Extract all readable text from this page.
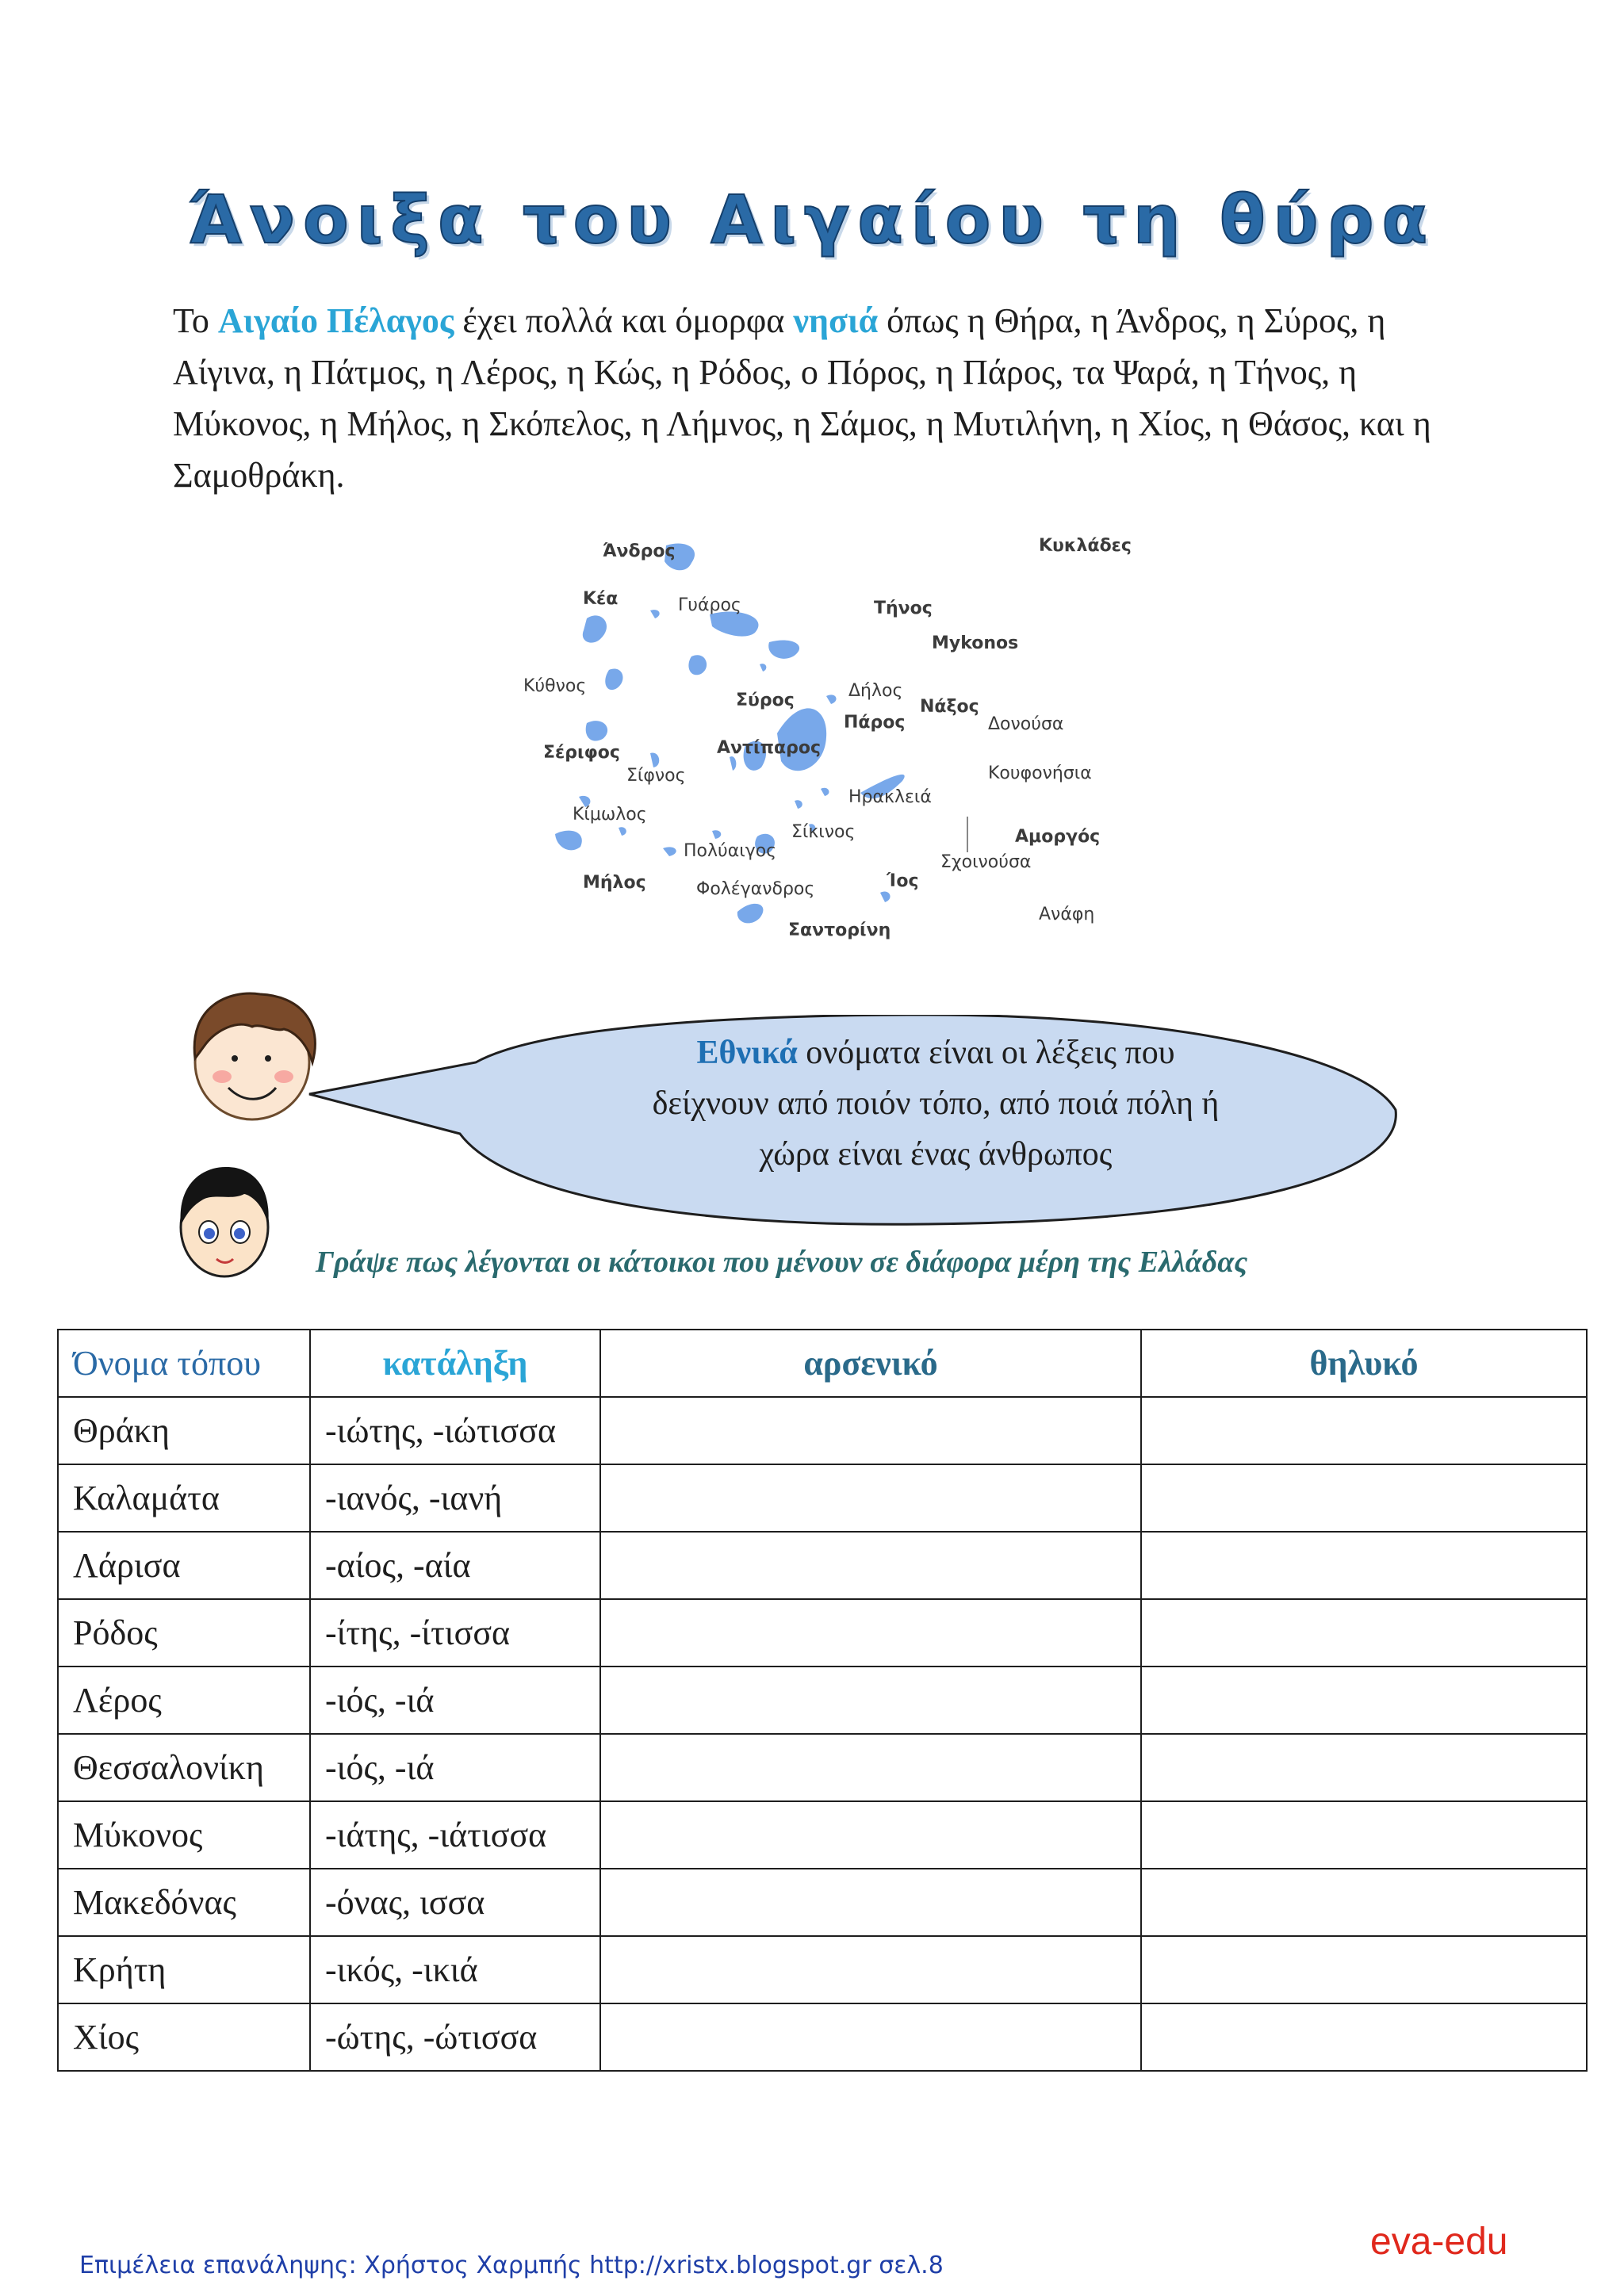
Άνοιξα του Αιγαίου τη θύρα
Το Αιγαίο Πέλαγος έχει πολλά και όμορφα νησιά όπως η Θήρα, η Άνδρος, η Σύρος, η Αίγινα, η Πάτμος, η Λέρος, η Κώς, η Ρόδος, ο Πόρος, η Πάρος, τα Ψαρά, η Τήνος, η Μύκονος, η Μήλος, η Σκόπελος, η Λήμνος, η Σάμος, η Μυτιλήνη, η Χίος, η Θάσος, και η Σαμοθράκη.
Άνδρος	Κυκλάδες
Κέα	Γυάρος	Τήνος
Μykonos
Κύθνος	Δήλος
Σύρος	Νάξος
Πάρος	Δονούσα
Σέριφος	Αντίπαρος
Σίφνος	Κουφονήσια
Ηρακλειά
Κίμωλος
Σίκινος	Αμοργός
Πολύαιγος
Σχοινούσα
Μήλος	Ίος
Φολέγανδρος
Ανάφη
Σαντορίνη
Εθνικά ονόματα είναι οι λέξεις που
δείχνουν από ποιόν τόπο, από ποιά πόλη ή
χώρα είναι ένας άνθρωπος
Γράψε πως λέγονται οι κάτοικοι που μένουν σε διάφορα μέρη της Ελλάδας
Όνομα τόπου	κατάληξη	αρσενικό	θηλυκό
Θράκη	-ιώτης, -ιώτισσα		
Καλαμάτα	-ιανός, -ιανή		
Λάρισα	-αίος, -αία		
Ρόδος	-ίτης, -ίτισσα		
Λέρος	-ιός, -ιά		
Θεσσαλονίκη	-ιός, -ιά		
Μύκονος	-ιάτης, -ιάτισσα		
Μακεδόνας	-όνας, ισσα		
Κρήτη	-ικός, -ικιά		
Χίος	-ώτης, -ώτισσα		
Επιμέλεια επανάληψης: Χρήστος Χαρμπής http://xristx.blogspot.gr σελ.8
eva-edu
